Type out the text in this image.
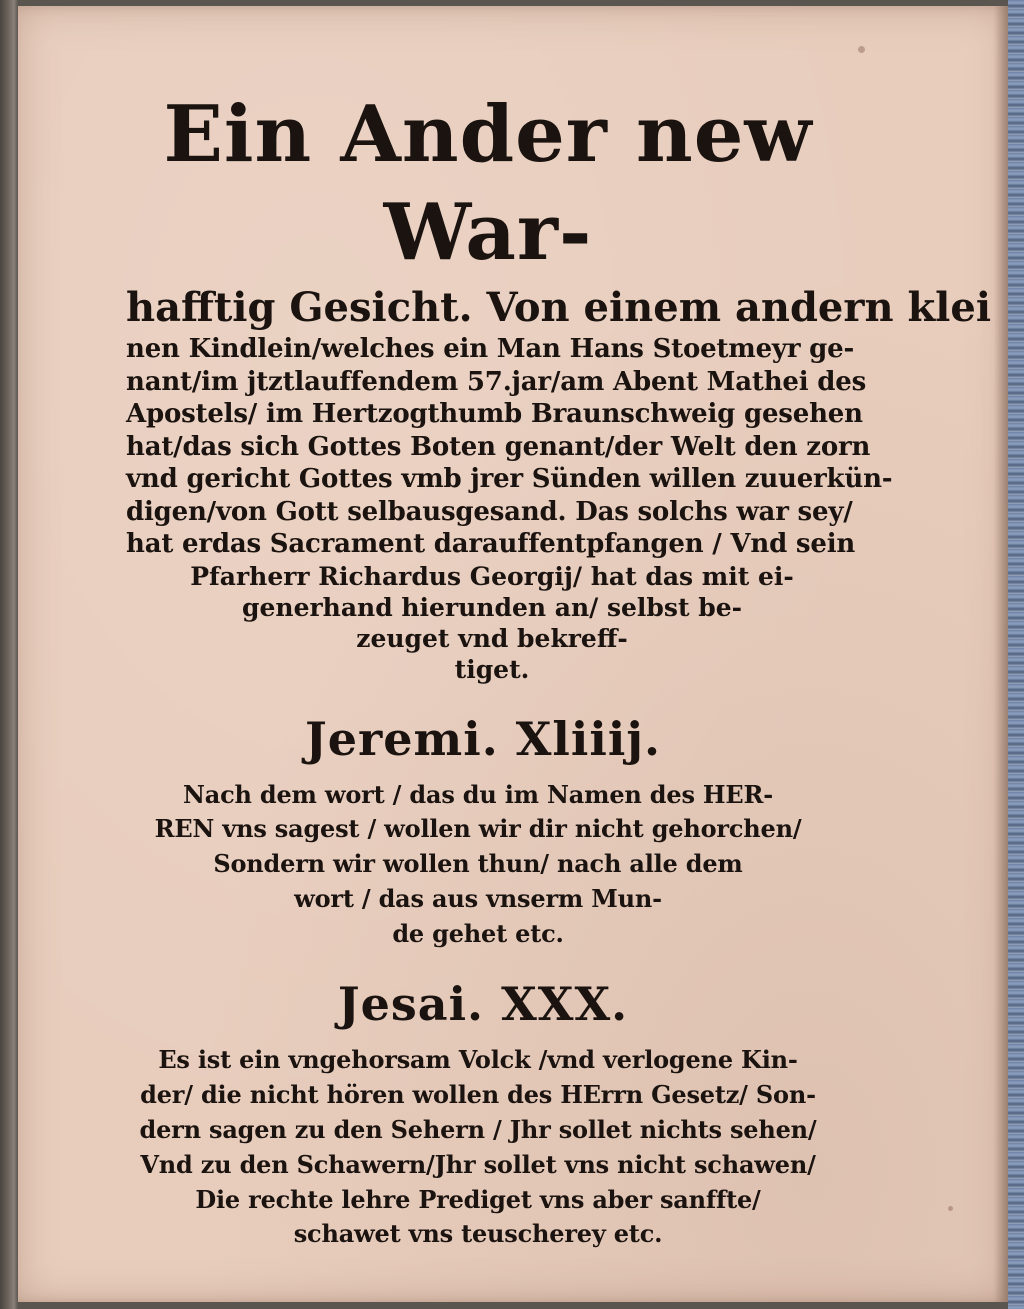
Ein Ander new War-

hafftig Gesicht. Von einem andern klei

nen Kindlein/welches ein Man Hans Stoetmeyr ge-

nant/im jtztlauffendem 57.jar/am Abent Mathei des

Apostels/ im Hertzogthumb Braunschweig gesehen

hat/das sich Gottes Boten genant/der Welt den zorn

vnd gericht Gottes vmb jrer Sünden willen zuuerkün-

digen/von Gott selbausgesand. Das solchs war sey/

hat erdas Sacrament darauffentpfangen / Vnd sein

Pfarherr Richardus Georgij/ hat das mit ei-

generhand hierunden an/ selbst be-

zeuget vnd bekreff-

tiget.

Jeremi. Xliiij.

Nach dem wort / das du im Namen des HER-

REN vns sagest / wollen wir dir nicht gehorchen/

Sondern wir wollen thun/ nach alle dem

wort / das aus vnserm Mun-

de gehet etc.

Jesai. XXX.

Es ist ein vngehorsam Volck /vnd verlogene Kin-

der/ die nicht hören wollen des HErrn Gesetz/ Son-

dern sagen zu den Sehern / Jhr sollet nichts sehen/

Vnd zu den Schawern/Jhr sollet vns nicht schawen/

Die rechte lehre Prediget vns aber sanffte/

schawet vns teuscherey etc.
